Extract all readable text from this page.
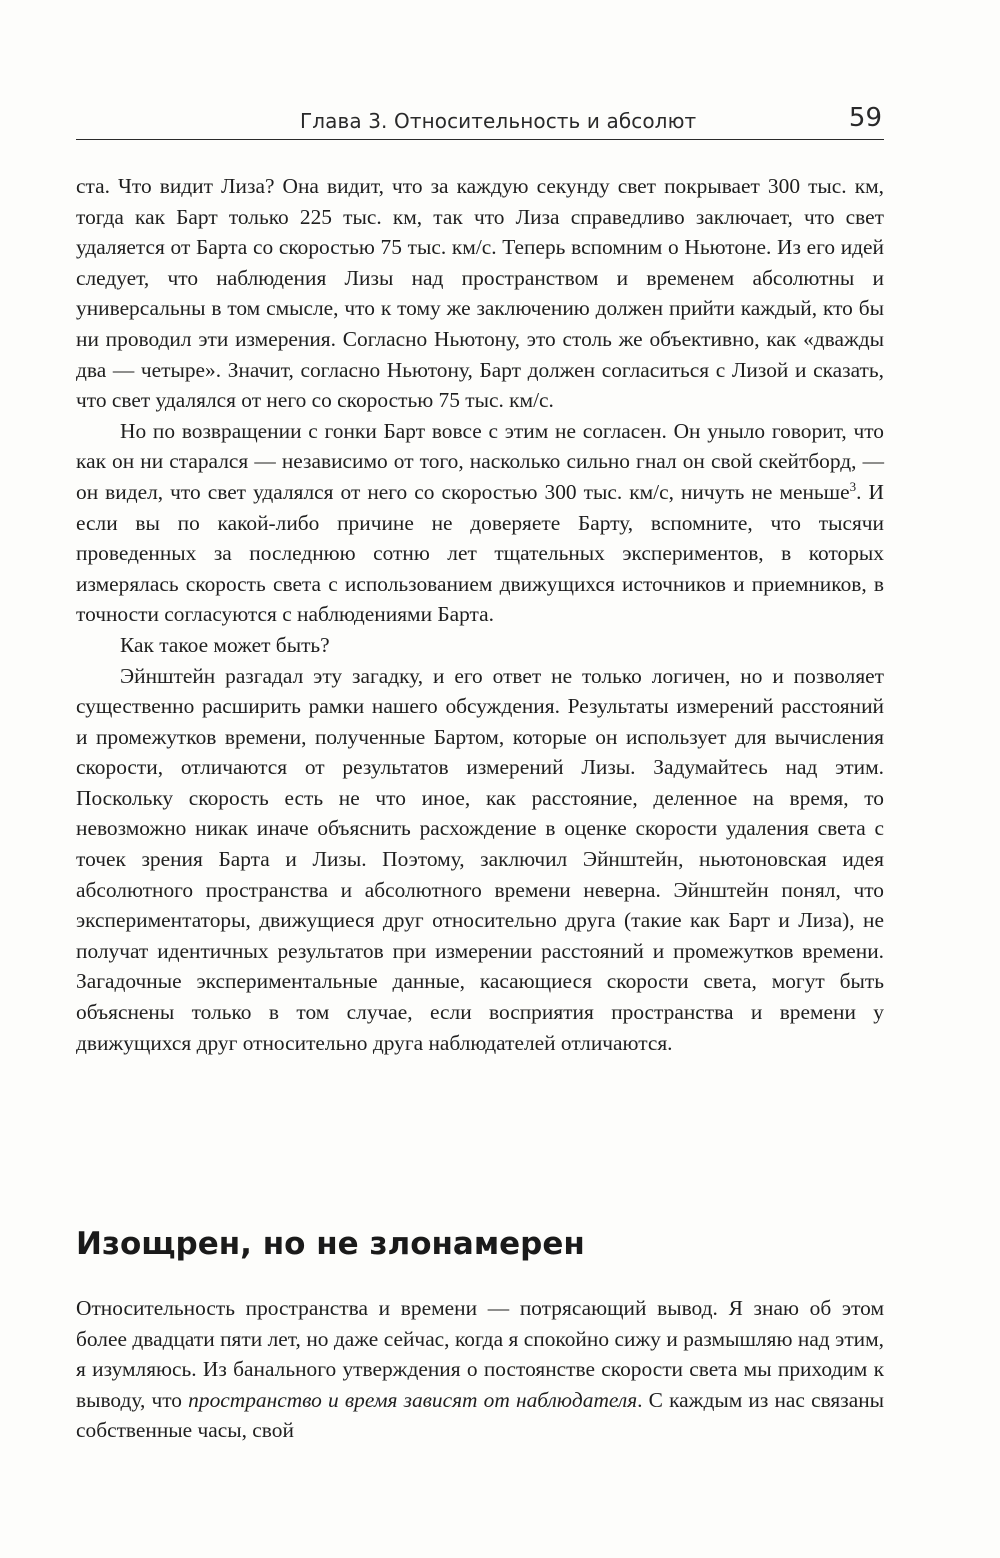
Глава 3. Относительность и абсолют	59

ста. Что видит Лиза? Она видит, что за каждую секунду свет покрывает 300 тыс. км, тогда как Барт только 225 тыс. км, так что Лиза справедливо заключает, что свет удаляется от Барта со скоростью 75 тыс. км/с. Теперь вспомним о Ньютоне. Из его идей следует, что наблюдения Лизы над пространством и временем абсолютны и универсальны в том смысле, что к тому же заключению должен прийти каждый, кто бы ни проводил эти измерения. Согласно Ньютону, это столь же объективно, как «дважды два — четыре». Значит, согласно Ньютону, Барт должен согласиться с Лизой и сказать, что свет удалялся от него со скоростью 75 тыс. км/с.

Но по возвращении с гонки Барт вовсе с этим не согласен. Он уныло говорит, что как он ни старался — независимо от того, насколько сильно гнал он свой скейтборд, — он видел, что свет удалялся от него со скоростью 300 тыс. км/с, ничуть не меньше$^3$. И если вы по какой-либо причине не доверяете Барту, вспомните, что тысячи проведенных за последнюю сотню лет тщательных экспериментов, в которых измерялась скорость света с использованием движущихся источников и приемников, в точности согласуются с наблюдениями Барта.

Как такое может быть?

Эйнштейн разгадал эту загадку, и его ответ не только логичен, но и позволяет существенно расширить рамки нашего обсуждения. Результаты измерений расстояний и промежутков времени, полученные Бартом, которые он использует для вычисления скорости, отличаются от результатов измерений Лизы. Задумайтесь над этим. Поскольку скорость есть не что иное, как расстояние, деленное на время, то невозможно никак иначе объяснить расхождение в оценке скорости удаления света с точек зрения Барта и Лизы. Поэтому, заключил Эйнштейн, ньютоновская идея абсолютного пространства и абсолютного времени неверна. Эйнштейн понял, что экспериментаторы, движущиеся друг относительно друга (такие как Барт и Лиза), не получат идентичных результатов при измерении расстояний и промежутков времени. Загадочные экспериментальные данные, касающиеся скорости света, могут быть объяснены только в том случае, если восприятия пространства и времени у движущихся друг относительно друга наблюдателей отличаются.

Изощрен, но не злонамерен

Относительность пространства и времени — потрясающий вывод. Я знаю об этом более двадцати пяти лет, но даже сейчас, когда я спокойно сижу и размышляю над этим, я изумляюсь. Из банального утверждения о постоянстве скорости света мы приходим к выводу, что пространство и время зависят от наблюдателя. С каждым из нас связаны собственные часы, свой
